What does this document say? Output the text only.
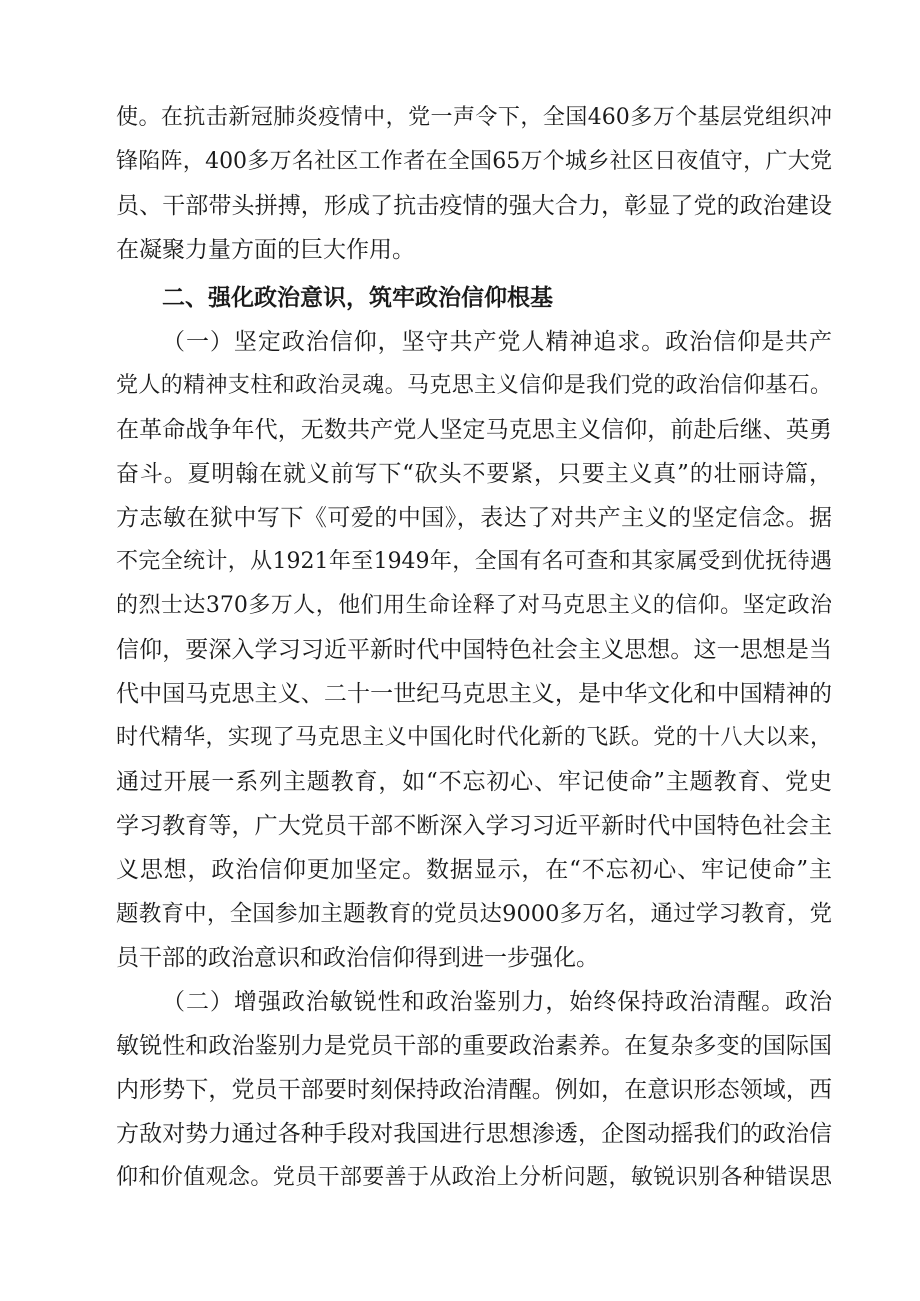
使。在抗击新冠肺炎疫情中，党一声令下，全国460多万个基层党组织冲
锋陷阵，400多万名社区工作者在全国65万个城乡社区日夜值守，广大党
员、干部带头拼搏，形成了抗击疫情的强大合力，彰显了党的政治建设
在凝聚力量方面的巨大作用。
二、强化政治意识，筑牢政治信仰根基
（一）坚定政治信仰，坚守共产党人精神追求。政治信仰是共产
党人的精神支柱和政治灵魂。马克思主义信仰是我们党的政治信仰基石。
在革命战争年代，无数共产党人坚定马克思主义信仰，前赴后继、英勇
奋斗。夏明翰在就义前写下“砍头不要紧，只要主义真”的壮丽诗篇，
方志敏在狱中写下《可爱的中国》，表达了对共产主义的坚定信念。据
不完全统计，从1921年至1949年，全国有名可查和其家属受到优抚待遇
的烈士达370多万人，他们用生命诠释了对马克思主义的信仰。坚定政治
信仰，要深入学习习近平新时代中国特色社会主义思想。这一思想是当
代中国马克思主义、二十一世纪马克思主义，是中华文化和中国精神的
时代精华，实现了马克思主义中国化时代化新的飞跃。党的十八大以来，
通过开展一系列主题教育，如“不忘初心、牢记使命”主题教育、党史
学习教育等，广大党员干部不断深入学习习近平新时代中国特色社会主
义思想，政治信仰更加坚定。数据显示，在“不忘初心、牢记使命”主
题教育中，全国参加主题教育的党员达9000多万名，通过学习教育，党
员干部的政治意识和政治信仰得到进一步强化。
（二）增强政治敏锐性和政治鉴别力，始终保持政治清醒。政治
敏锐性和政治鉴别力是党员干部的重要政治素养。在复杂多变的国际国
内形势下，党员干部要时刻保持政治清醒。例如，在意识形态领域，西
方敌对势力通过各种手段对我国进行思想渗透，企图动摇我们的政治信
仰和价值观念。党员干部要善于从政治上分析问题，敏锐识别各种错误思
